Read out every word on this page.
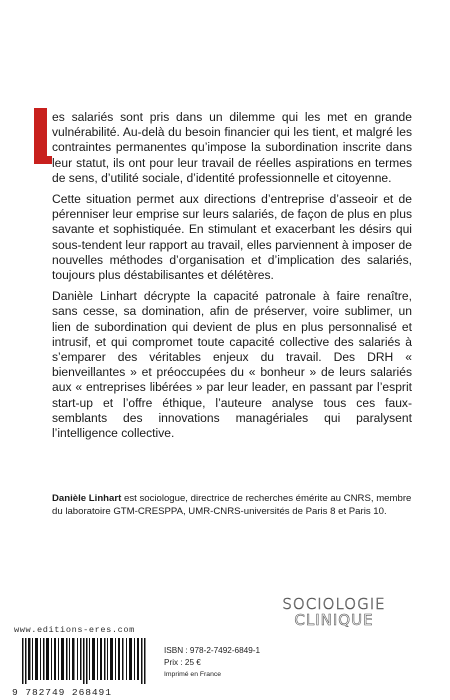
es salariés sont pris dans un dilemme qui les met en grande vulnérabilité. Au-delà du besoin financier qui les tient, et malgré les contraintes permanentes qu’impose la subordination inscrite dans leur statut, ils ont pour leur travail de réelles aspirations en termes de sens, d’utilité sociale, d’identité professionnelle et citoyenne.

Cette situation permet aux directions d’entreprise d’asseoir et de pérenniser leur emprise sur leurs salariés, de façon de plus en plus savante et sophistiquée. En stimulant et exacerbant les désirs qui sous-tendent leur rapport au travail, elles parviennent à imposer de nouvelles méthodes d’organisation et d’implication des salariés, toujours plus déstabilisantes et délétères.

Danièle Linhart décrypte la capacité patronale à faire renaître, sans cesse, sa domination, afin de préserver, voire sublimer, un lien de subordination qui devient de plus en plus personnalisé et intrusif, et qui compromet toute capacité collective des salariés à s’emparer des véritables enjeux du travail. Des DRH « bienveillantes » et préoccupées du « bonheur » de leurs salariés aux « entreprises libérées » par leur leader, en passant par l’esprit start-up et l’offre éthique, l’auteure analyse tous ces faux-semblants des innovations managériales qui paralysent l’intelligence collective.

Danièle Linhart est sociologue, directrice de recherches émérite au CNRS, membre du laboratoire GTM-CRESPPA, UMR-CNRS-universités de Paris 8 et Paris 10.
SOCIOLOGIE
CLINIQUE
www.editions-eres.com
9 782749 268491
ISBN : 978-2-7492-6849-1
Prix : 25 €
Imprimé en France
